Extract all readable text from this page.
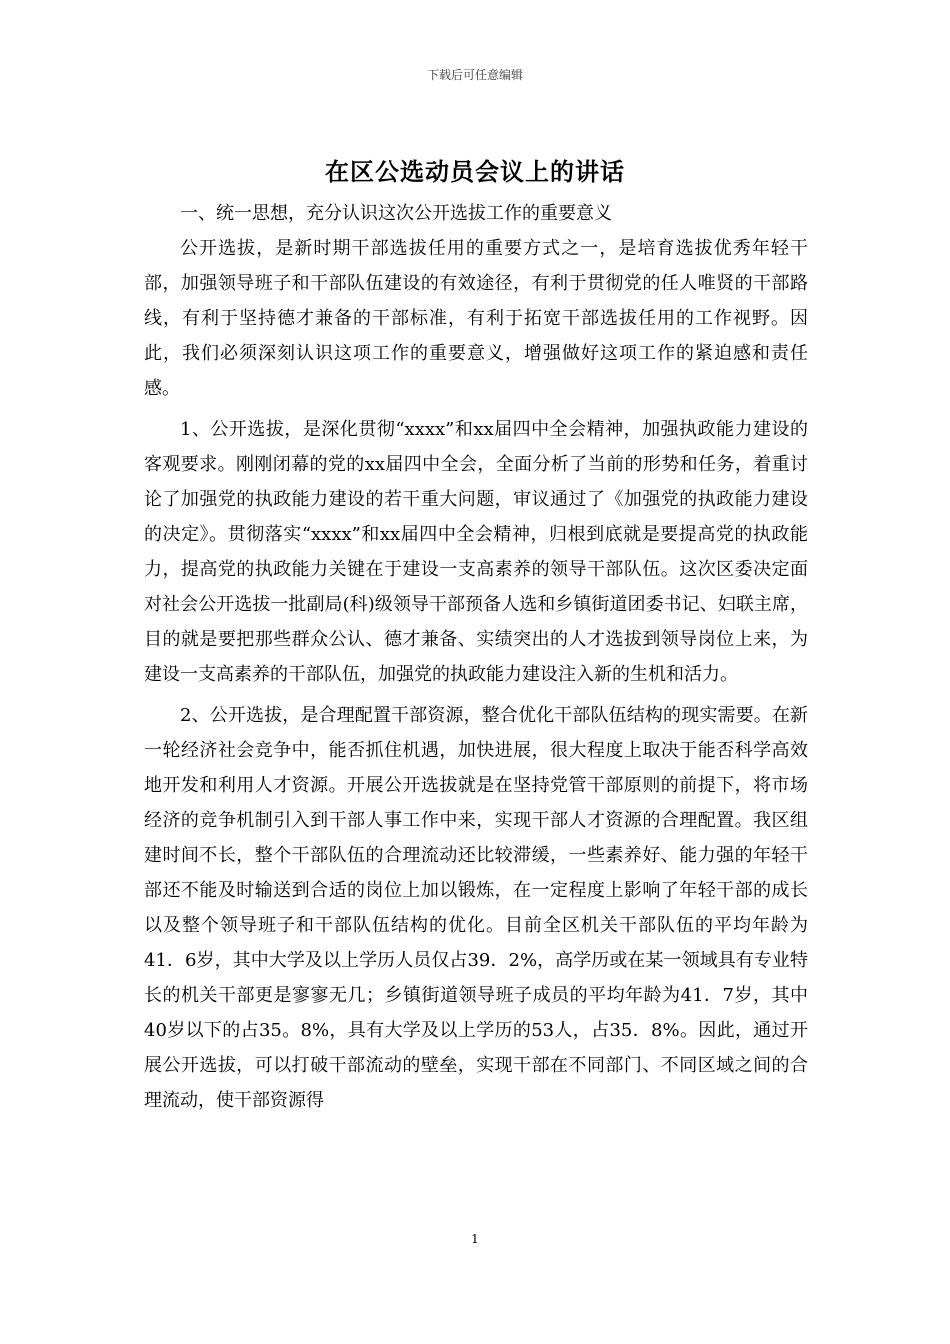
下载后可任意编辑
在区公选动员会议上的讲话

一、统一思想，充分认识这次公开选拔工作的重要意义

公开选拔，是新时期干部选拔任用的重要方式之一，是培育选拔优秀年轻干部，加强领导班子和干部队伍建设的有效途径，有利于贯彻党的任人唯贤的干部路线，有利于坚持德才兼备的干部标准，有利于拓宽干部选拔任用的工作视野。因此，我们必须深刻认识这项工作的重要意义，增强做好这项工作的紧迫感和责任感。

1、公开选拔，是深化贯彻“xxxx”和xx届四中全会精神，加强执政能力建设的客观要求。刚刚闭幕的党的xx届四中全会，全面分析了当前的形势和任务，着重讨论了加强党的执政能力建设的若干重大问题，审议通过了《加强党的执政能力建设的决定》。贯彻落实“xxxx”和xx届四中全会精神，归根到底就是要提高党的执政能力，提高党的执政能力关键在于建设一支高素养的领导干部队伍。这次区委决定面对社会公开选拔一批副局(科)级领导干部预备人选和乡镇街道团委书记、妇联主席，目的就是要把那些群众公认、德才兼备、实绩突出的人才选拔到领导岗位上来，为建设一支高素养的干部队伍，加强党的执政能力建设注入新的生机和活力。

2、公开选拔，是合理配置干部资源，整合优化干部队伍结构的现实需要。在新一轮经济社会竞争中，能否抓住机遇，加快进展，很大程度上取决于能否科学高效地开发和利用人才资源。开展公开选拔就是在坚持党管干部原则的前提下，将市场经济的竞争机制引入到干部人事工作中来，实现干部人才资源的合理配置。我区组建时间不长，整个干部队伍的合理流动还比较滞缓，一些素养好、能力强的年轻干部还不能及时输送到合适的岗位上加以锻炼，在一定程度上影响了年轻干部的成长以及整个领导班子和干部队伍结构的优化。目前全区机关干部队伍的平均年龄为41．6岁，其中大学及以上学历人员仅占39．2%，高学历或在某一领域具有专业特长的机关干部更是寥寥无几；乡镇街道领导班子成员的平均年龄为41．7岁，其中40岁以下的占35。8%，具有大学及以上学历的53人，占35．8%。因此，通过开展公开选拔，可以打破干部流动的壁垒，实现干部在不同部门、不同区域之间的合理流动，使干部资源得

1
